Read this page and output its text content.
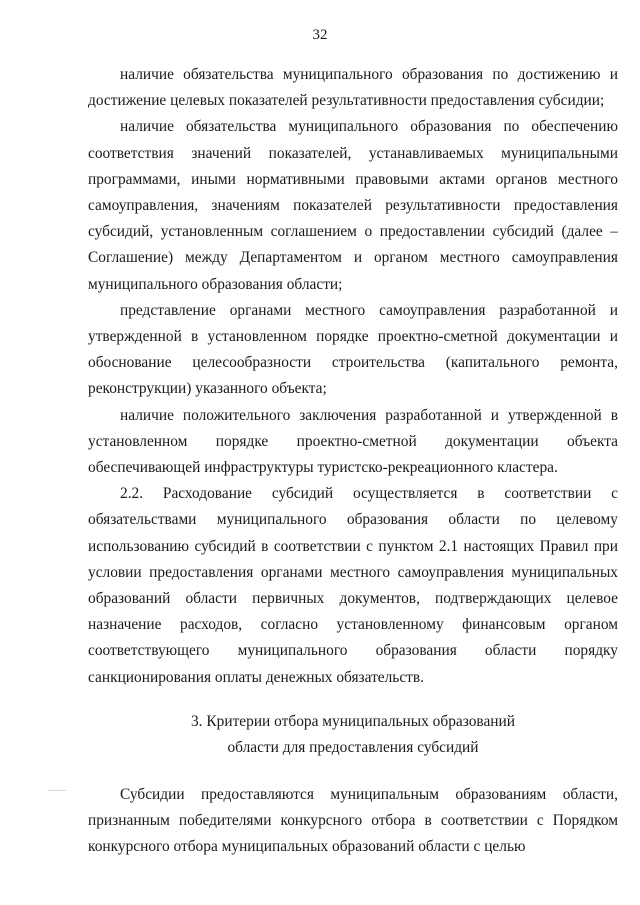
32

наличие обязательства муниципального образования по достижению и достижение целевых показателей результативности предоставления субсидии;

наличие обязательства муниципального образования по обеспечению соответствия значений показателей, устанавливаемых муниципальными программами, иными нормативными правовыми актами органов местного самоуправления, значениям показателей результативности предоставления субсидий, установленным соглашением о предоставлении субсидий (далее – Соглашение) между Департаментом и органом местного самоуправления муниципального образования области;

представление органами местного самоуправления разработанной и утвержденной в установленном порядке проектно-сметной документации и обоснование целесообразности строительства (капитального ремонта, реконструкции) указанного объекта;

наличие положительного заключения разработанной и утвержденной в установленном порядке проектно-сметной документации объекта обеспечивающей инфраструктуры туристско-рекреационного кластера.

2.2. Расходование субсидий осуществляется в соответствии с обязательствами муниципального образования области по целевому использованию субсидий в соответствии с пунктом 2.1 настоящих Правил при условии предоставления органами местного самоуправления муниципальных образований области первичных документов, подтверждающих целевое назначение расходов, согласно установленному финансовым органом соответствующего муниципального образования области порядку санкционирования оплаты денежных обязательств.

3. Критерии отбора муниципальных образований
области для предоставления субсидий

Субсидии предоставляются муниципальным образованиям области, признанным победителями конкурсного отбора в соответствии с Порядком конкурсного отбора муниципальных образований области с целью
